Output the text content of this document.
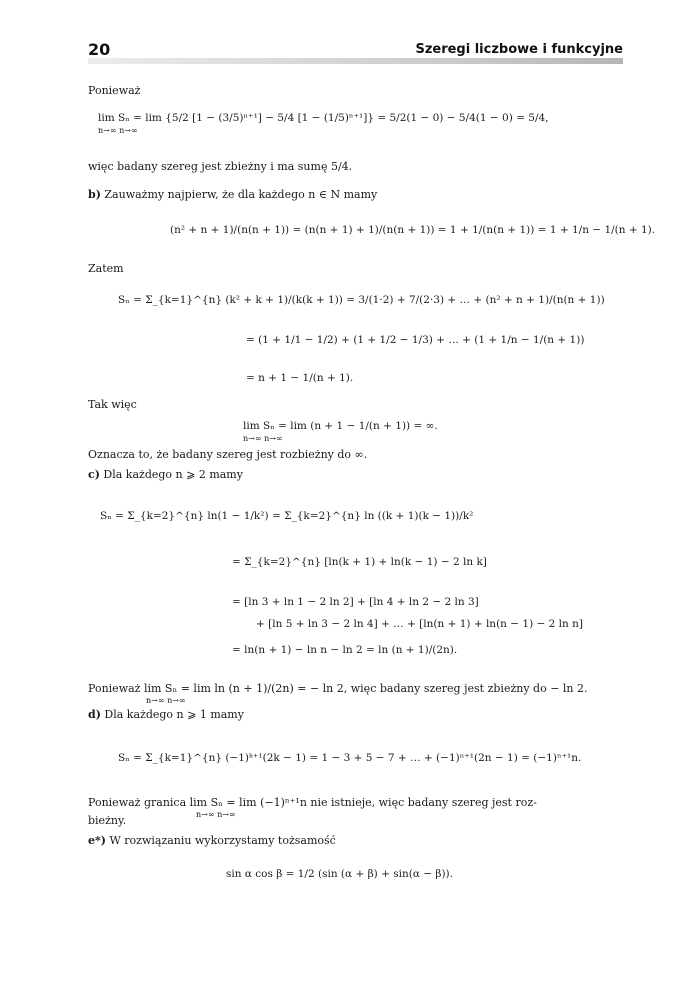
20	Szeregi liczbowe i funkcyjne
Ponieważ
lim Sₙ = lim {5/2 [1 − (3/5)ⁿ⁺¹] − 5/4 [1 − (1/5)ⁿ⁺¹]} = 5/2(1 − 0) − 5/4(1 − 0) = 5/4,
n→∞ n→∞
więc badany szereg jest zbieżny i ma sumę 5/4.
b) Zauważmy najpierw, że dla każdego n ∈ N mamy
(n² + n + 1)/(n(n + 1)) = (n(n + 1) + 1)/(n(n + 1)) = 1 + 1/(n(n + 1)) = 1 + 1/n − 1/(n + 1).
Zatem
Sₙ = Σ_{k=1}^{n} (k² + k + 1)/(k(k + 1)) = 3/(1·2) + 7/(2·3) + … + (n² + n + 1)/(n(n + 1))
= (1 + 1/1 − 1/2) + (1 + 1/2 − 1/3) + … + (1 + 1/n − 1/(n + 1))
= n + 1 − 1/(n + 1).
Tak więc
lim Sₙ = lim (n + 1 − 1/(n + 1)) = ∞.
n→∞ n→∞
Oznacza to, że badany szereg jest rozbieżny do ∞.
c) Dla każdego n ⩾ 2 mamy
Sₙ = Σ_{k=2}^{n} ln(1 − 1/k²) = Σ_{k=2}^{n} ln ((k + 1)(k − 1))/k²
= Σ_{k=2}^{n} [ln(k + 1) + ln(k − 1) − 2 ln k]
= [ln 3 + ln 1 − 2 ln 2] + [ln 4 + ln 2 − 2 ln 3]
+ [ln 5 + ln 3 − 2 ln 4] + … + [ln(n + 1) + ln(n − 1) − 2 ln n]
= ln(n + 1) − ln n − ln 2 = ln (n + 1)/(2n).
Ponieważ lim Sₙ = lim ln (n + 1)/(2n) = − ln 2, więc badany szereg jest zbieżny do − ln 2.
n→∞ n→∞
d) Dla każdego n ⩾ 1 mamy
Sₙ = Σ_{k=1}^{n} (−1)ᵏ⁺¹(2k − 1) = 1 − 3 + 5 − 7 + … + (−1)ⁿ⁺¹(2n − 1) = (−1)ⁿ⁺¹n.
Ponieważ granica lim Sₙ = lim (−1)ⁿ⁺¹n nie istnieje, więc badany szereg jest roz-
n→∞ n→∞
bieżny.
e*) W rozwiązaniu wykorzystamy tożsamość
sin α cos β = 1/2 (sin (α + β) + sin(α − β)).
